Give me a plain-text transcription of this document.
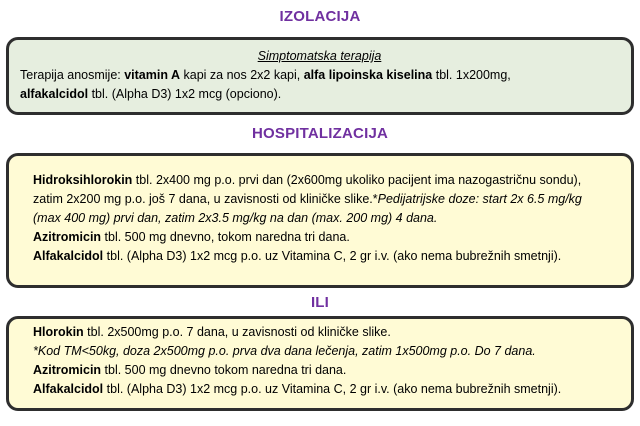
IZOLACIJA

Simptomatska terapija

Terapija anosmije: vitamin A kapi za nos 2x2 kapi, alfa lipoinska kiselina tbl. 1x200mg,

alfakalcidol tbl. (Alpha D3) 1x2 mcg (opciono).

HOSPITALIZACIJA

Hidroksihlorokin tbl. 2x400 mg p.o. prvi dan (2x600mg ukoliko pacijent ima nazogastričnu sondu),

zatim 2x200 mg p.o. još 7 dana, u zavisnosti od kliničke slike.*Pedijatrijske doze: start 2x 6.5 mg/kg

(max 400 mg) prvi dan, zatim 2x3.5 mg/kg na dan (max. 200 mg) 4 dana.

Azitromicin tbl. 500 mg dnevno, tokom naredna tri dana.

Alfakalcidol tbl. (Alpha D3) 1x2 mcg p.o. uz Vitamina C, 2 gr i.v. (ako nema bubrežnih smetnji).

ILI

Hlorokin tbl. 2x500mg p.o. 7 dana, u zavisnosti od kliničke slike.

*Kod TM<50kg, doza 2x500mg p.o. prva dva dana lečenja, zatim 1x500mg p.o. Do 7 dana.

Azitromicin tbl. 500 mg dnevno tokom naredna tri dana.

Alfakalcidol tbl. (Alpha D3) 1x2 mcg p.o. uz Vitamina C, 2 gr i.v. (ako nema bubrežnih smetnji).
